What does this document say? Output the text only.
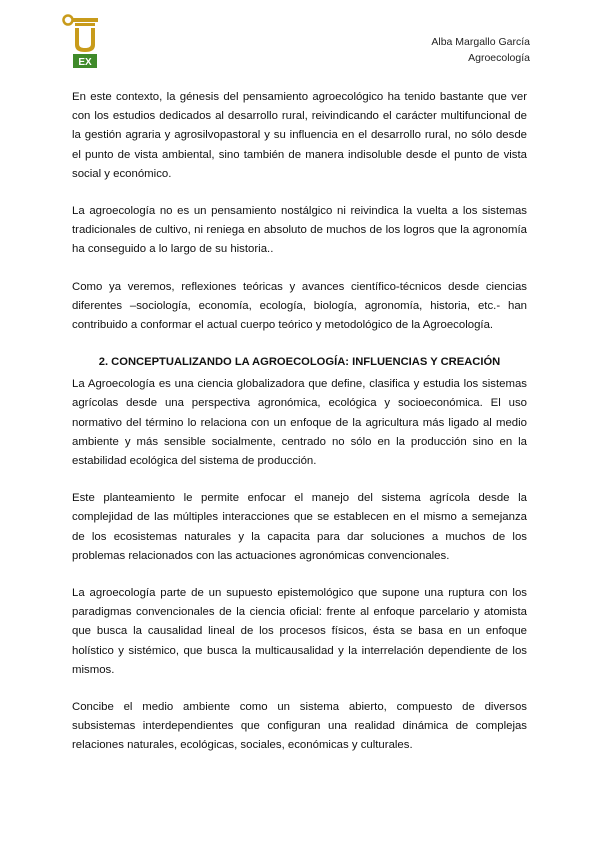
EX
Alba Margallo García
Agroecología

En este contexto, la génesis del pensamiento agroecológico ha tenido bastante que ver con los estudios dedicados al desarrollo rural, reivindicando el carácter multifuncional de la gestión agraria y agrosilvopastoral y su influencia en el desarrollo rural, no sólo desde el punto de vista ambiental, sino también de manera indisoluble desde el punto de vista social y económico.

La agroecología no es un pensamiento nostálgico ni reivindica la vuelta a los sistemas tradicionales de cultivo, ni reniega en absoluto de muchos de los logros que la agronomía ha conseguido a lo largo de su historia..

Como ya veremos, reflexiones teóricas y avances científico-técnicos desde ciencias diferentes –sociología, economía, ecología, biología, agronomía, historia, etc.- han contribuido a conformar el actual cuerpo teórico y metodológico de la Agroecología.

2. CONCEPTUALIZANDO LA AGROECOLOGÍA: INFLUENCIAS Y CREACIÓN

La Agroecología es una ciencia globalizadora que define, clasifica y estudia los sistemas agrícolas desde una perspectiva agronómica, ecológica y socioeconómica. El uso normativo del término lo relaciona con un enfoque de la agricultura más ligado al medio ambiente y más sensible socialmente, centrado no sólo en la producción sino en la estabilidad ecológica del sistema de producción.

Este planteamiento le permite enfocar el manejo del sistema agrícola desde la complejidad de las múltiples interacciones que se establecen en el mismo a semejanza de los ecosistemas naturales y la capacita para dar soluciones a muchos de los problemas relacionados con las actuaciones agronómicas convencionales.

La agroecología parte de un supuesto epistemológico que supone una ruptura con los paradigmas convencionales de la ciencia oficial: frente al enfoque parcelario y atomista que busca la causalidad lineal de los procesos físicos, ésta se basa en un enfoque holístico y sistémico, que busca la multicausalidad y la interrelación dependiente de los mismos.

Concibe el medio ambiente como un sistema abierto, compuesto de diversos subsistemas interdependientes que configuran una realidad dinámica de complejas relaciones naturales, ecológicas, sociales, económicas y culturales.
